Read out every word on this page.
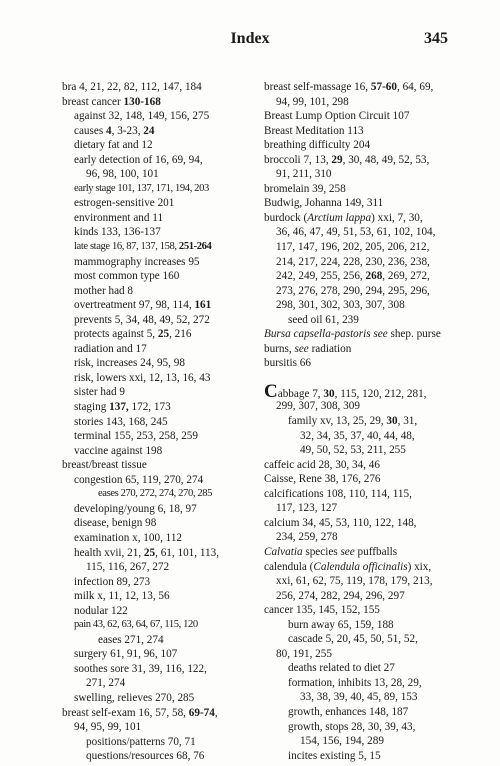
Index	345
bra 4, 21, 22, 82, 112, 147, 184
breast cancer 130-168
against 32, 148, 149, 156, 275
causes 4, 3-23, 24
dietary fat and 12
early detection of 16, 69, 94,
96, 98, 100, 101
early stage 101, 137, 171, 194, 203
estrogen-sensitive 201
environment and 11
kinds 133, 136-137
late stage 16, 87, 137, 158, 251-264
mammography increases 95
most common type 160
mother had 8
overtreatment 97, 98, 114, 161
prevents 5, 34, 48, 49, 52, 272
protects against 5, 25, 216
radiation and 17
risk, increases 24, 95, 98
risk, lowers xxi, 12, 13, 16, 43
sister had 9
staging 137, 172, 173
stories 143, 168, 245
terminal 155, 253, 258, 259
vaccine against 198
breast/breast tissue
congestion 65, 119, 270, 274
eases 270, 272, 274, 270, 285
developing/young 6, 18, 97
disease, benign 98
examination x, 100, 112
health xvii, 21, 25, 61, 101, 113,
115, 116, 267, 272
infection 89, 273
milk x, 11, 12, 13, 56
nodular 122
pain 43, 62, 63, 64, 67, 115, 120
eases 271, 274
surgery 61, 91, 96, 107
soothes sore 31, 39, 116, 122,
271, 274
swelling, relieves 270, 285
breast self-exam 16, 57, 58, 69-74,
94, 95, 99, 101
positions/patterns 70, 71
questions/resources 68, 76
breast self-massage 16, 57-60, 64, 69,
94, 99, 101, 298
Breast Lump Option Circuit 107
Breast Meditation 113
breathing difficulty 204
broccoli 7, 13, 29, 30, 48, 49, 52, 53,
91, 211, 310
bromelain 39, 258
Budwig, Johanna 149, 311
burdock (Arctium lappa) xxi, 7, 30,
36, 46, 47, 49, 51, 53, 61, 102, 104,
117, 147, 196, 202, 205, 206, 212,
214, 217, 224, 228, 230, 236, 238,
242, 249, 255, 256, 268, 269, 272,
273, 276, 278, 290, 294, 295, 296,
298, 301, 302, 303, 307, 308
seed oil 61, 239
Bursa capsella-pastoris see shep. purse
burns, see radiation
bursitis 66
Cabbage 7, 30, 115, 120, 212, 281,
299, 307, 308, 309
family xv, 13, 25, 29, 30, 31,
32, 34, 35, 37, 40, 44, 48,
49, 50, 52, 53, 211, 255
caffeic acid 28, 30, 34, 46
Caisse, Rene 38, 176, 276
calcifications 108, 110, 114, 115,
117, 123, 127
calcium 34, 45, 53, 110, 122, 148,
234, 259, 278
Calvatia species see puffballs
calendula (Calendula officinalis) xix,
xxi, 61, 62, 75, 119, 178, 179, 213,
256, 274, 282, 294, 296, 297
cancer 135, 145, 152, 155
burn away 65, 159, 188
cascade 5, 20, 45, 50, 51, 52,
80, 191, 255
deaths related to diet 27
formation, inhibits 13, 28, 29,
33, 38, 39, 40, 45, 89, 153
growth, enhances 148, 187
growth, stops 28, 30, 39, 43,
154, 156, 194, 289
incites existing 5, 15
